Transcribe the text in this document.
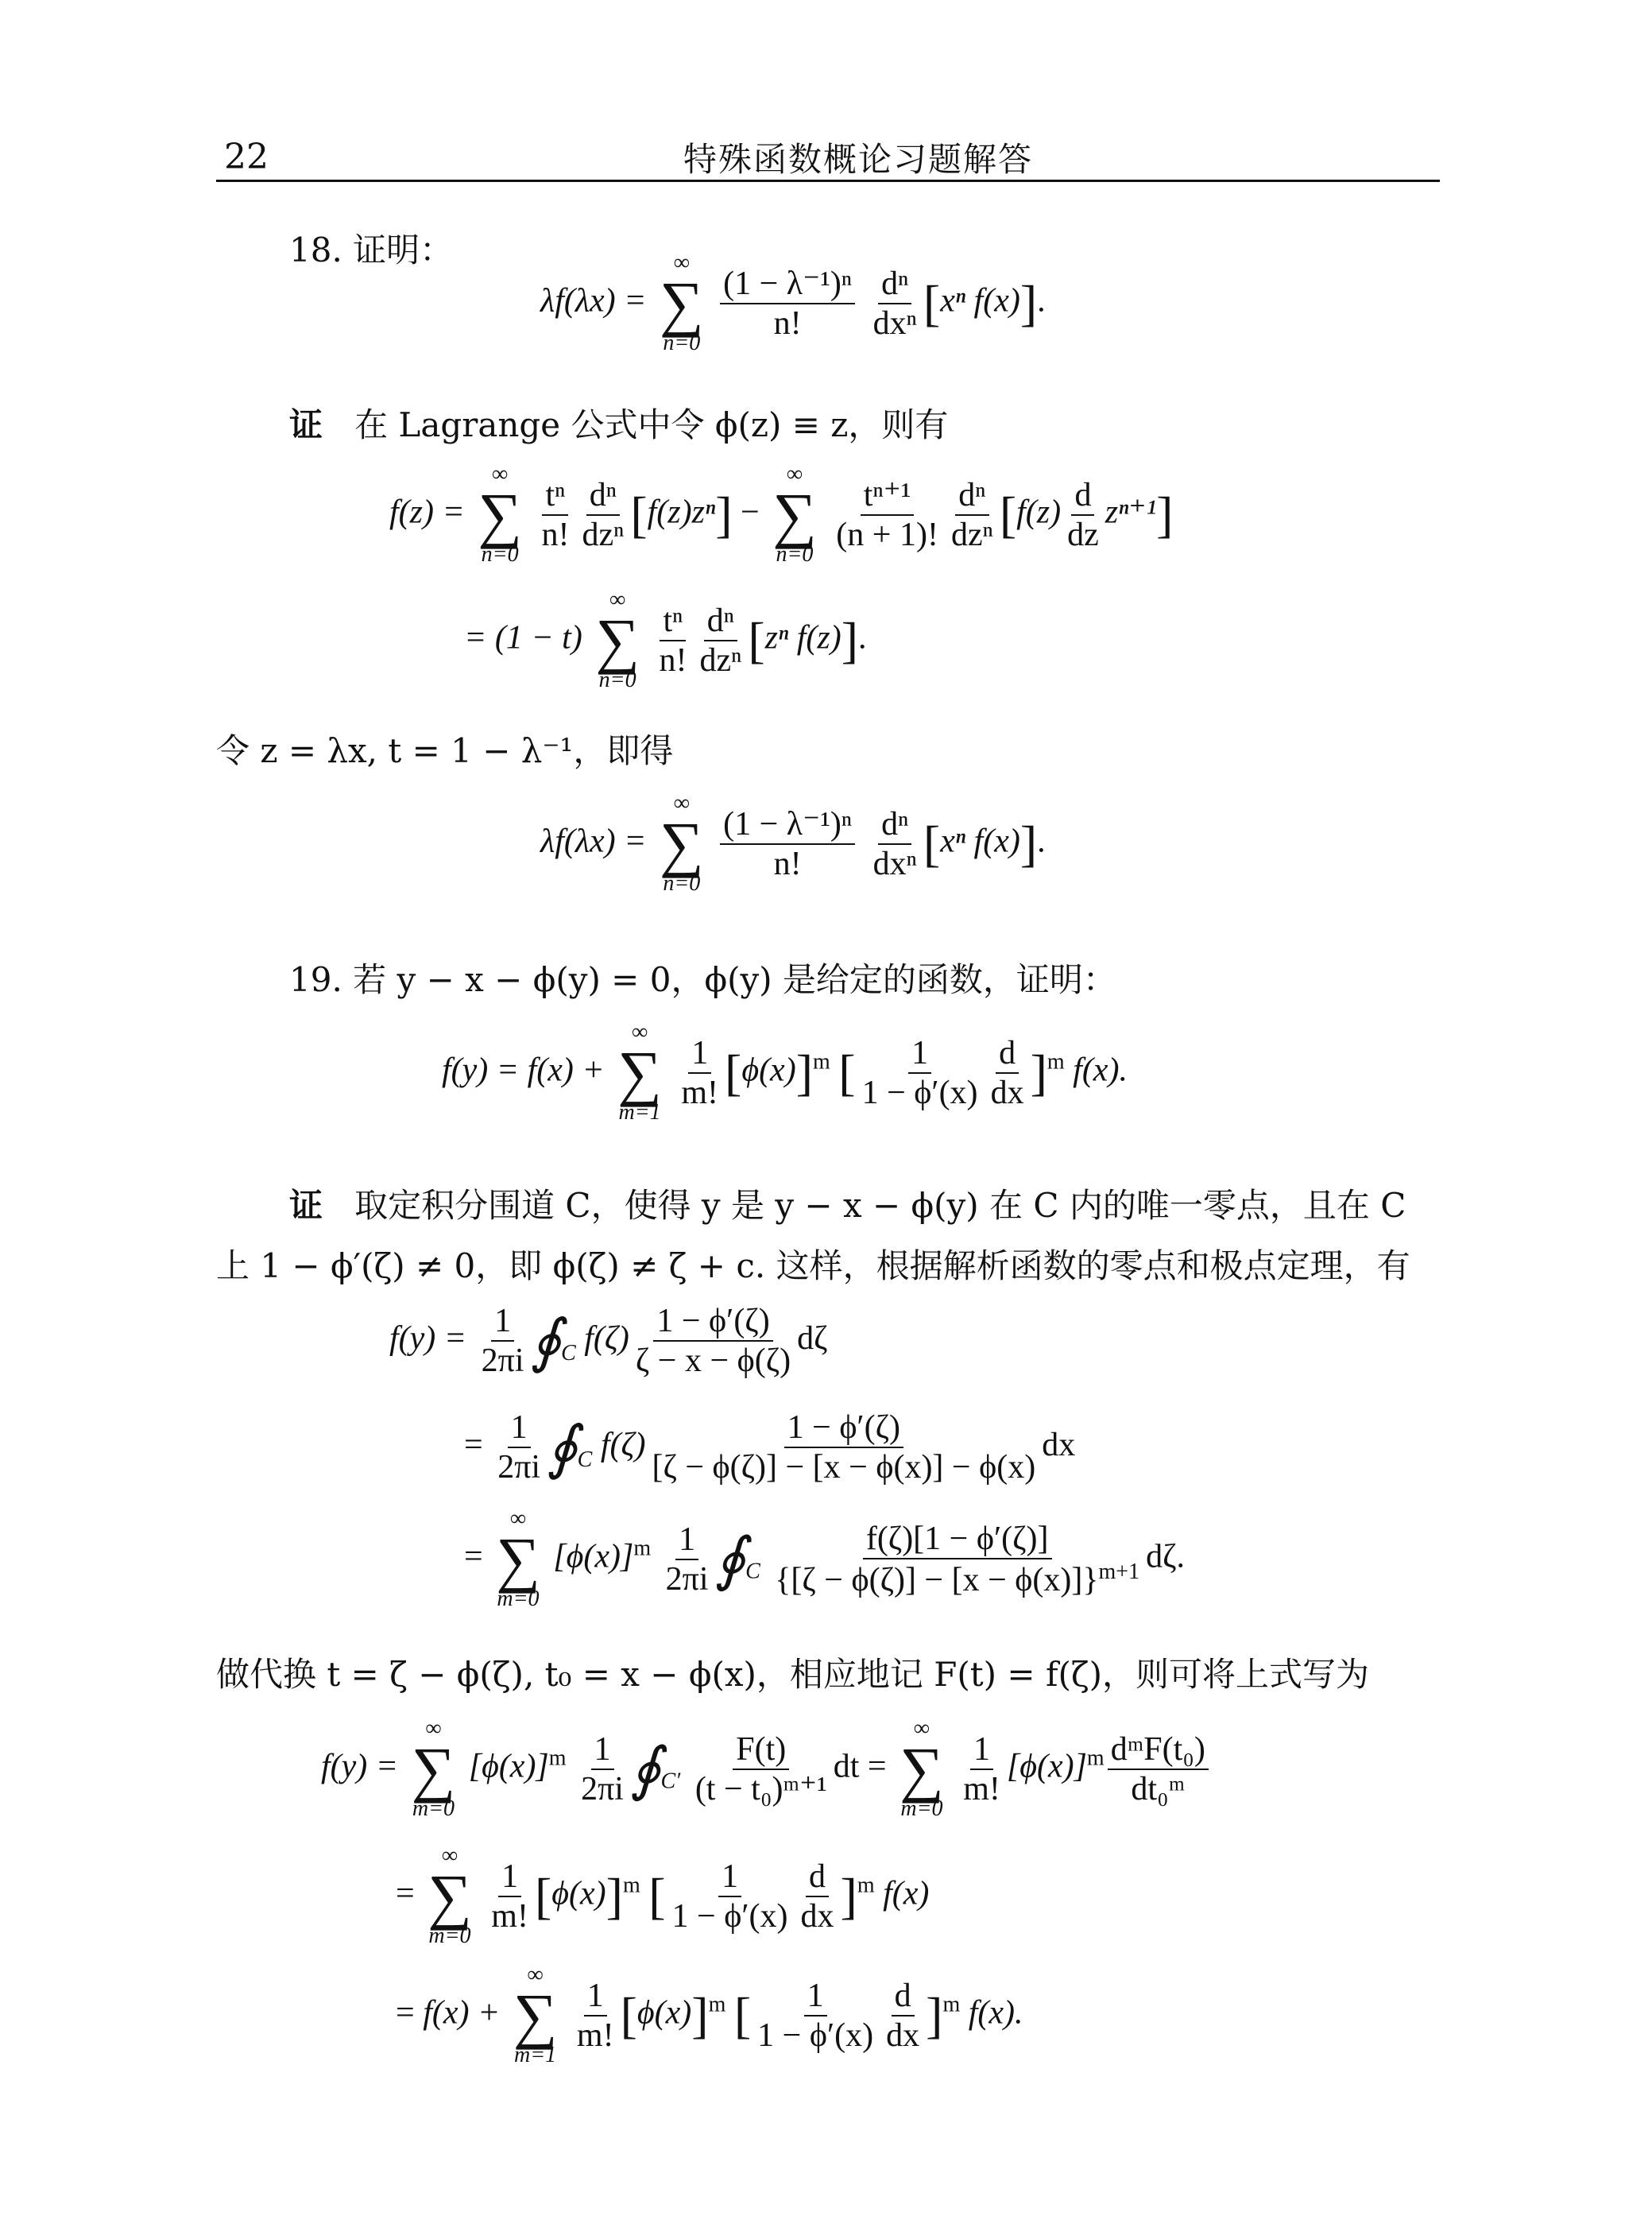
22	特殊函数概论习题解答
18. 证明：
λf(λx) =
∞
∑
n=0

$\frac{\text{(1 − λ⁻¹)ⁿ}}{n!}$
$\frac{\text{dⁿ}}{\text{dxⁿ}} [x^n$ f(x)].
证 在 Lagrange 公式中令 ϕ(z) ≡ z，则有
f(z) =
∞
∑
n=0

$\frac{\text{tⁿ}}{n!} \frac{\text{dⁿ}}{\text{dzⁿ}} [f(z)z^n]$ −
∞
∑
n=0

$\frac{\text{tⁿ⁺¹}}{(n + 1)!} \frac{\text{dⁿ}}{\text{dzⁿ}} [f(z) \frac{d}{dz} z^{n+1}]$
= (1 − t)
∞
∑
n=0

$\frac{\text{tⁿ}}{n!} \frac{\text{dⁿ}}{\text{dzⁿ}} [z^n$ f(z)].
令 z = λx, t = 1 − λ⁻¹，即得
λf(λx) =
∞
∑
n=0

$\frac{\text{(1 − λ⁻¹)ⁿ}}{n!}$
$\frac{\text{dⁿ}}{\text{dxⁿ}} [x^n$ f(x)].
19. 若 y − x − ϕ(y) = 0，ϕ(y) 是给定的函数，证明：
f(y) = f(x) +
∞
∑
m=1

$\frac{1}{m!} [\phi(x)]^m$ [ $\frac{1}{1 - \phi'(x)} \frac{d}{dx} ]^m$ f(x).
证 取定积分围道 C，使得 y 是 y − x − ϕ(y) 在 C 内的唯一零点，且在 C
上 1 − ϕ′(ζ) ≠ 0，即 ϕ(ζ) ≠ ζ + c. 这样，根据解析函数的零点和极点定理，有
$f(y) = \frac{1}{2\pi i}$ $∮_C$ $f(\zeta) \frac{1 - \phi'(\zeta)}{\zeta - x - \phi(\zeta)}$ dζ
= $\frac{1}{2\pi i}$ $∮_C$ $f(\zeta) \frac{1 - \phi'(\zeta)}{[\zeta - \phi(\zeta)] - [x - \phi(x)] - \phi(x)}$ dx
=
∞
∑
m=0
$[\phi(x)]^m \frac{1}{2\pi i}$ $∮_C \frac{f(\zeta)[1 - \phi'(\zeta)]}{\{[\zeta - \phi(\zeta)] - [x - \phi(x)]\}^{m+1}} d\zeta$.
做代换 t = ζ − ϕ(ζ), t₀ = x − ϕ(x)，相应地记 F(t) = f(ζ)，则可将上式写为
f(y) =
∞
∑
m=0
$[\phi(x)]^m \frac{1}{2\pi i}$ $∮_{C'} \frac{F(t)}{\text{(t − t₀)ᵐ⁺¹}}$ dt =
∞
∑
m=0

$\frac{1}{m!} [\phi(x)]^m \frac{\text{dᵐF(t₀)}}{\text{dt₀ᵐ}}$
=
∞
∑
m=0

$\frac{1}{m!} [\phi(x)]^m$ [ $\frac{1}{1 - \phi'(x)} \frac{d}{dx} ]^m$ f(x)
= f(x) +
∞
∑
m=1

$\frac{1}{m!} [\phi(x)]^m$ [ $\frac{1}{1 - \phi'(x)} \frac{d}{dx} ]^m$ f(x).
